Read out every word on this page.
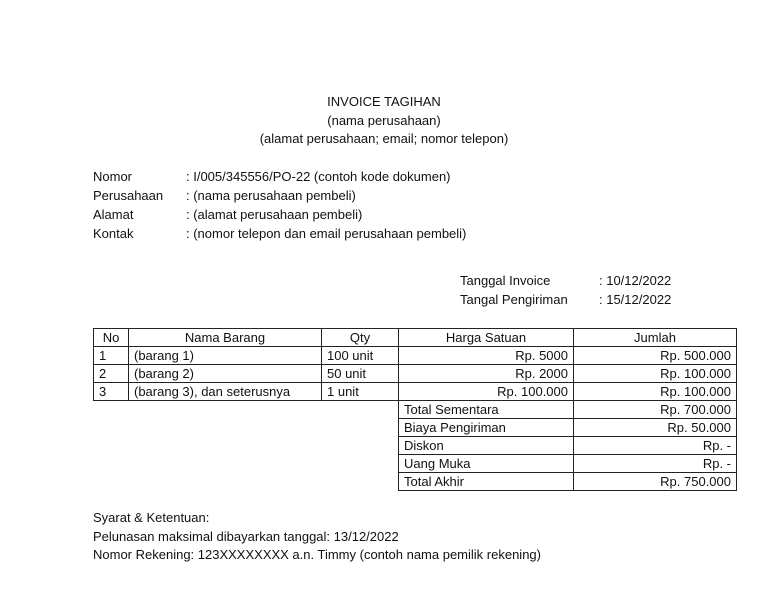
INVOICE TAGIHAN
(nama perusahaan)
(alamat perusahaan; email; nomor telepon)
Nomor	: I/005/345556/PO-22 (contoh kode dokumen)
Perusahaan : (nama perusahaan pembeli)
Alamat	: (alamat perusahaan pembeli)
Kontak	: (nomor telepon dan email perusahaan pembeli)
Tanggal Invoice	: 10/12/2022
Tangal Pengiriman : 15/12/2022
No	Nama Barang	Qty	Harga Satuan	Jumlah
1	(barang 1)	100 unit	Rp. 5000	Rp. 500.000
2	(barang 2)	50 unit	Rp. 2000	Rp. 100.000
3	(barang 3), dan seterusnya	1 unit	Rp. 100.000	Rp. 100.000
			Total Sementara	Rp. 700.000
			Biaya Pengiriman	Rp. 50.000
			Diskon	Rp. -
			Uang Muka	Rp. -
			Total Akhir	Rp. 750.000
Syarat & Ketentuan:
Pelunasan maksimal dibayarkan tanggal: 13/12/2022
Nomor Rekening: 123XXXXXXXX a.n. Timmy (contoh nama pemilik rekening)
